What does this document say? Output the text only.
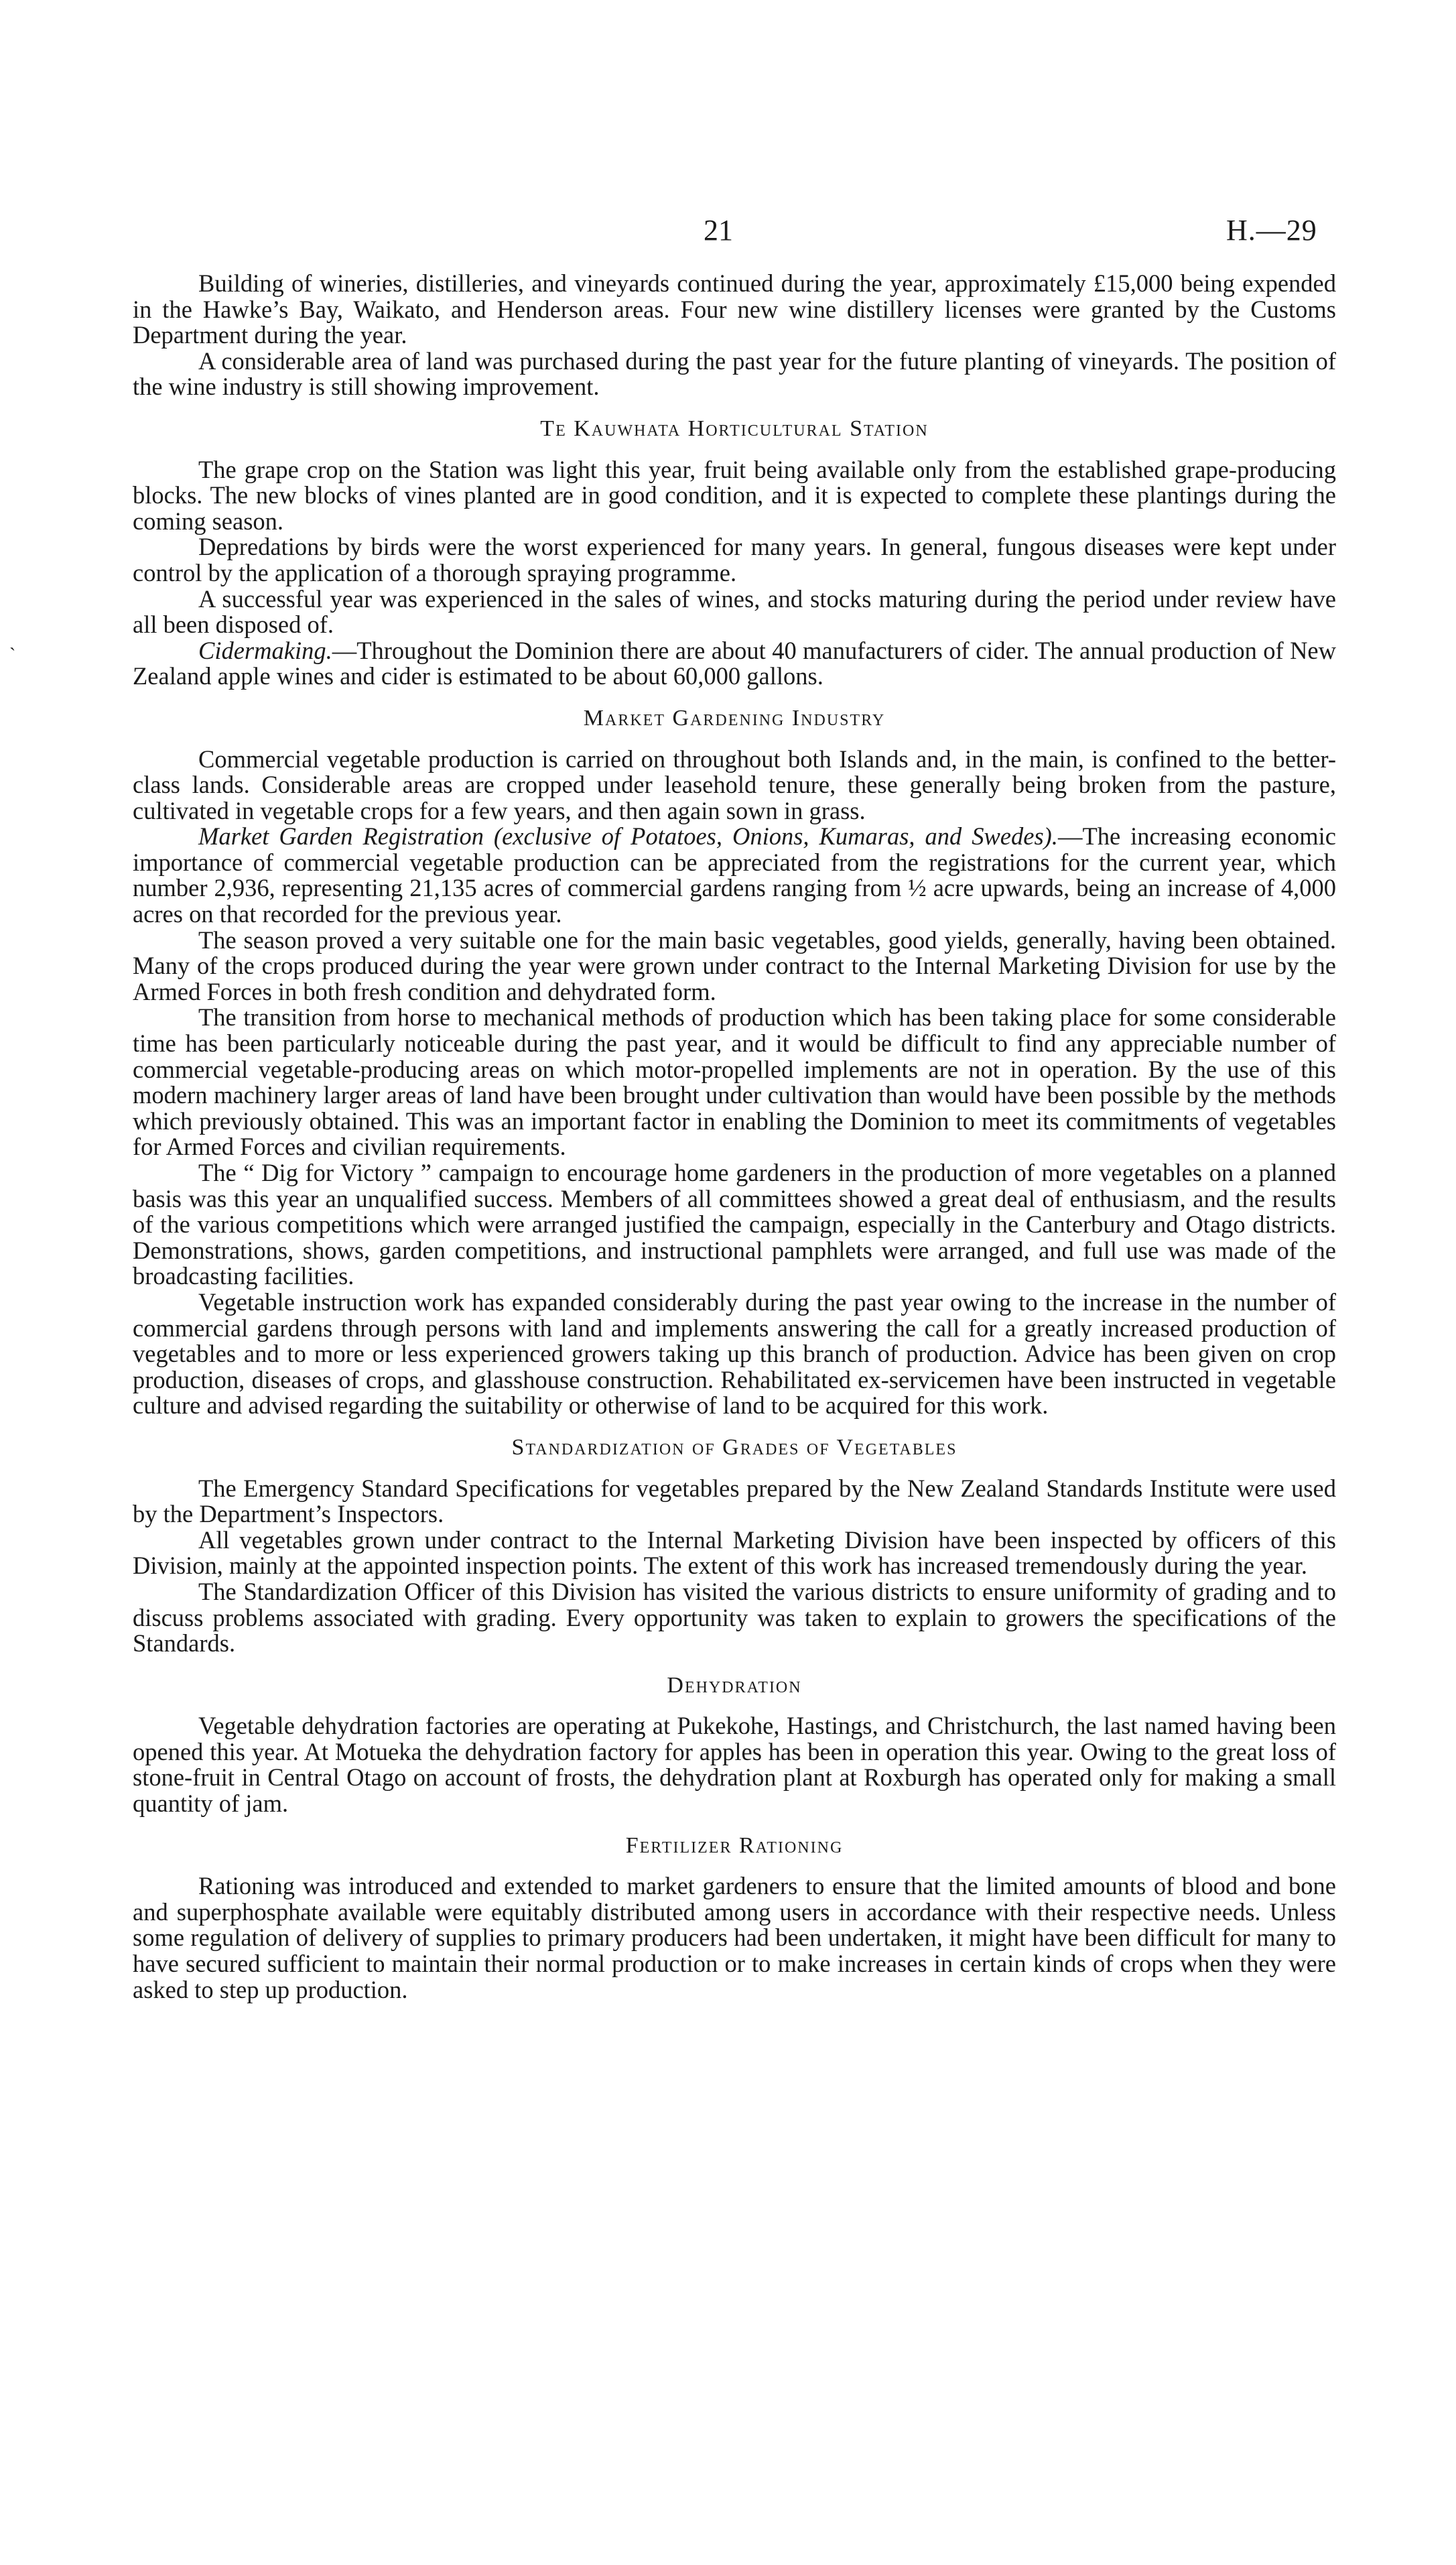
21	H.—29
`

Building of wineries, distilleries, and vineyards continued during the year, approximately £15,000 being expended in the Hawke’s Bay, Waikato, and Henderson areas. Four new wine distillery licenses were granted by the Customs Department during the year.

A considerable area of land was purchased during the past year for the future planting of vineyards. The position of the wine industry is still showing improvement.

Te Kauwhata Horticultural Station

The grape crop on the Station was light this year, fruit being available only from the established grape-producing blocks. The new blocks of vines planted are in good condition, and it is expected to complete these plantings during the coming season.

Depredations by birds were the worst experienced for many years. In general, fungous diseases were kept under control by the application of a thorough spraying programme.

A successful year was experienced in the sales of wines, and stocks maturing during the period under review have all been disposed of.

Cidermaking.—Throughout the Dominion there are about 40 manufacturers of cider. The annual production of New Zealand apple wines and cider is estimated to be about 60,000 gallons.

Market Gardening Industry

Commercial vegetable production is carried on throughout both Islands and, in the main, is confined to the better-class lands. Considerable areas are cropped under leasehold tenure, these generally being broken from the pasture, cultivated in vegetable crops for a few years, and then again sown in grass.

Market Garden Registration (exclusive of Potatoes, Onions, Kumaras, and Swedes).—The increasing economic importance of commercial vegetable production can be appreciated from the registrations for the current year, which number 2,936, representing 21,135 acres of commercial gardens ranging from ½ acre upwards, being an increase of 4,000 acres on that recorded for the previous year.

The season proved a very suitable one for the main basic vegetables, good yields, generally, having been obtained. Many of the crops produced during the year were grown under contract to the Internal Marketing Division for use by the Armed Forces in both fresh condition and dehydrated form.

The transition from horse to mechanical methods of production which has been taking place for some considerable time has been particularly noticeable during the past year, and it would be difficult to find any appreciable number of commercial vegetable-producing areas on which motor-propelled implements are not in operation. By the use of this modern machinery larger areas of land have been brought under cultivation than would have been possible by the methods which previously obtained. This was an important factor in enabling the Dominion to meet its commitments of vegetables for Armed Forces and civilian requirements.

The “ Dig for Victory ” campaign to encourage home gardeners in the production of more vegetables on a planned basis was this year an unqualified success. Members of all committees showed a great deal of enthusiasm, and the results of the various competitions which were arranged justified the campaign, especially in the Canterbury and Otago districts. Demonstrations, shows, garden competitions, and instructional pamphlets were arranged, and full use was made of the broadcasting facilities.

Vegetable instruction work has expanded considerably during the past year owing to the increase in the number of commercial gardens through persons with land and implements answering the call for a greatly increased production of vegetables and to more or less experienced growers taking up this branch of production. Advice has been given on crop production, diseases of crops, and glasshouse construction. Rehabilitated ex-servicemen have been instructed in vegetable culture and advised regarding the suitability or otherwise of land to be acquired for this work.

Standardization of Grades of Vegetables

The Emergency Standard Specifications for vegetables prepared by the New Zealand Standards Institute were used by the Department’s Inspectors.

All vegetables grown under contract to the Internal Marketing Division have been inspected by officers of this Division, mainly at the appointed inspection points. The extent of this work has increased tremendously during the year.

The Standardization Officer of this Division has visited the various districts to ensure uniformity of grading and to discuss problems associated with grading. Every opportunity was taken to explain to growers the specifications of the Standards.

Dehydration

Vegetable dehydration factories are operating at Pukekohe, Hastings, and Christchurch, the last named having been opened this year. At Motueka the dehydration factory for apples has been in operation this year. Owing to the great loss of stone-fruit in Central Otago on account of frosts, the dehydration plant at Roxburgh has operated only for making a small quantity of jam.

Fertilizer Rationing

Rationing was introduced and extended to market gardeners to ensure that the limited amounts of blood and bone and superphosphate available were equitably distributed among users in accordance with their respective needs. Unless some regulation of delivery of supplies to primary producers had been undertaken, it might have been difficult for many to have secured sufficient to maintain their normal production or to make increases in certain kinds of crops when they were asked to step up production.
